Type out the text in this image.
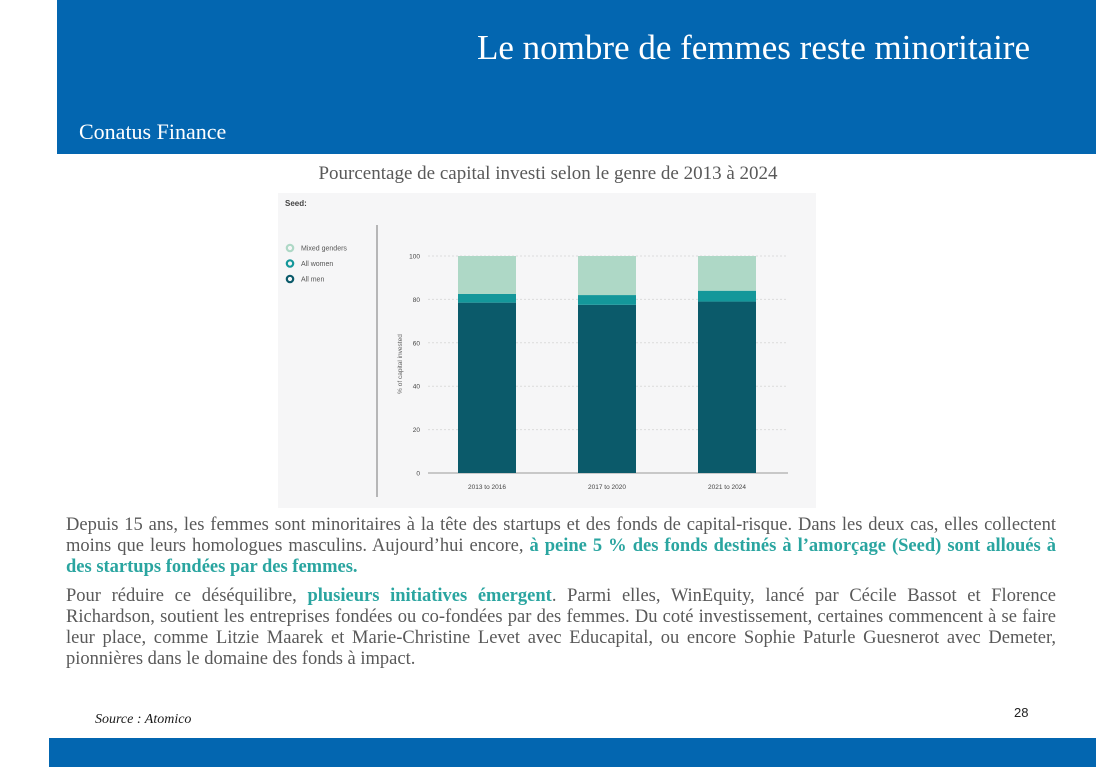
Le nombre de femmes reste minoritaire
Conatus Finance
Pourcentage de capital investi selon le genre de 2013 à 2024
Seed:
Mixed genders
All women
All men
0
20
40
60
80
100
2013 to 2016	2017 to 2020	2021 to 2024
% of capital invested

Depuis 15 ans, les femmes sont minoritaires à la tête des startups et des fonds de capital-risque. Dans les deux cas, elles collectent moins que leurs homologues masculins. Aujourd’hui encore, à peine 5 % des fonds destinés à l’amorçage (Seed) sont alloués à des startups fondées par des femmes.

Pour réduire ce déséquilibre, plusieurs initiatives émergent. Parmi elles, WinEquity, lancé par Cécile Bassot et Florence Richardson, soutient les entreprises fondées ou co-fondées par des femmes. Du coté investissement, certaines commencent à se faire leur place, comme Litzie Maarek et Marie-Christine Levet avec Educapital, ou encore Sophie Paturle Guesnerot avec Demeter, pionnières dans le domaine des fonds à impact.

Source : Atomico	28
